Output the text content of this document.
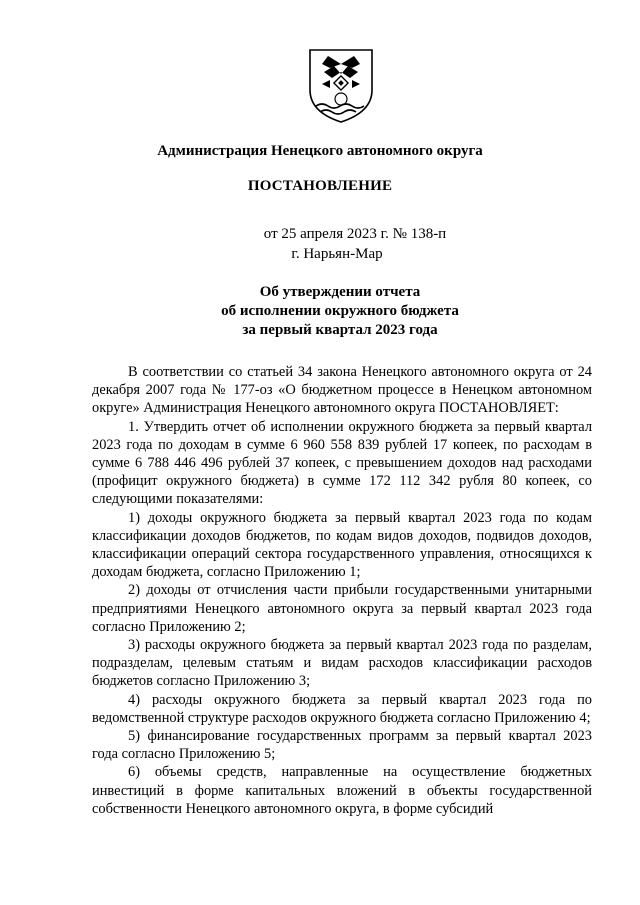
Администрация Ненецкого автономного округа
ПОСТАНОВЛЕНИЕ
от 25 апреля 2023 г. № 138-п
г. Нарьян-Мар
Об утверждении отчета
об исполнении окружного бюджета
за первый квартал 2023 года

В соответствии со статьей 34 закона Ненецкого автономного округа от 24 декабря 2007 года № 177-оз «О бюджетном процессе в Ненецком автономном округе» Администрация Ненецкого автономного округа ПОСТАНОВЛЯЕТ:

1. Утвердить отчет об исполнении окружного бюджета за первый квартал 2023 года по доходам в сумме 6 960 558 839 рублей 17 копеек, по расходам в сумме 6 788 446 496 рублей 37 копеек, с превышением доходов над расходами (профицит окружного бюджета) в сумме 172 112 342 рубля 80 копеек, со следующими показателями:

1) доходы окружного бюджета за первый квартал 2023 года по кодам классификации доходов бюджетов, по кодам видов доходов, подвидов доходов, классификации операций сектора государственного управления, относящихся к доходам бюджета, согласно Приложению 1;

2) доходы от отчисления части прибыли государственными унитарными предприятиями Ненецкого автономного округа за первый квартал 2023 года согласно Приложению 2;

3) расходы окружного бюджета за первый квартал 2023 года по разделам, подразделам, целевым статьям и видам расходов классификации расходов бюджетов согласно Приложению 3;

4) расходы окружного бюджета за первый квартал 2023 года по ведомственной структуре расходов окружного бюджета согласно Приложению 4;

5) финансирование государственных программ за первый квартал 2023 года согласно Приложению 5;

6) объемы средств, направленные на осуществление бюджетных инвестиций в форме капитальных вложений в объекты государственной собственности Ненецкого автономного округа, в форме субсидий
